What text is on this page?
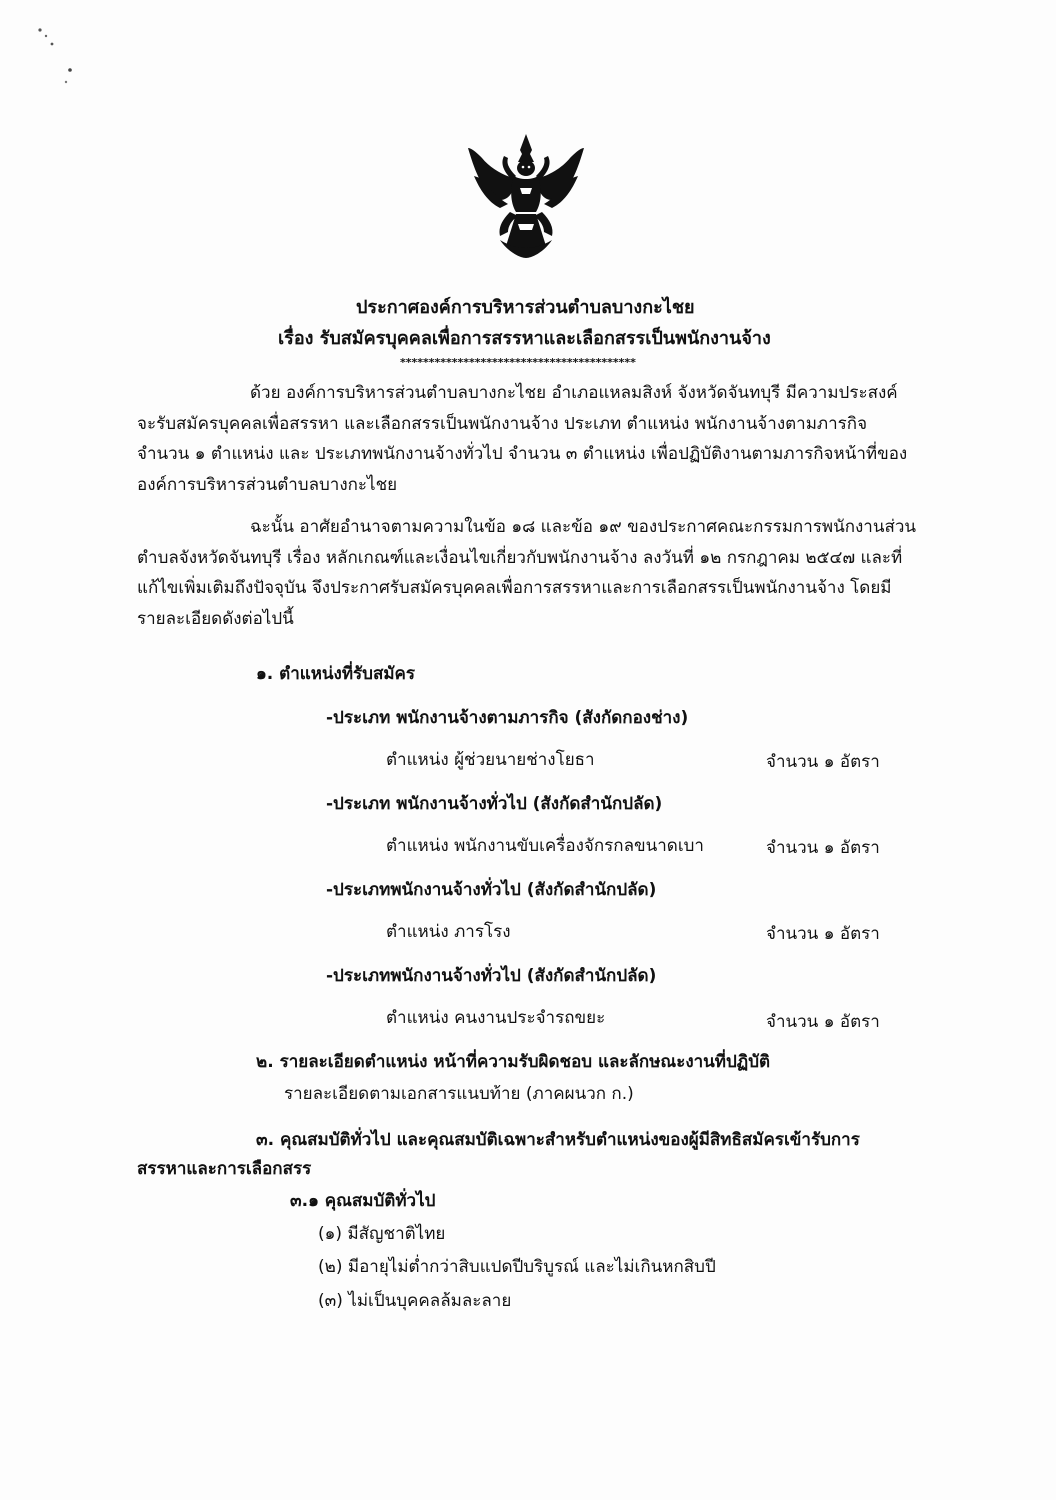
ประกาศองค์การบริหารส่วนตำบลบางกะไชย
เรื่อง รับสมัครบุคคลเพื่อการสรรหาและเลือกสรรเป็นพนักงานจ้าง
*****************************************
ด้วย องค์การบริหารส่วนตำบลบางกะไชย อำเภอแหลมสิงห์ จังหวัดจันทบุรี มีความประสงค์
จะรับสมัครบุคคลเพื่อสรรหา และเลือกสรรเป็นพนักงานจ้าง ประเภท ตำแหน่ง พนักงานจ้างตามภารกิจ
จำนวน ๑ ตำแหน่ง และ ประเภทพนักงานจ้างทั่วไป จำนวน ๓ ตำแหน่ง เพื่อปฏิบัติงานตามภารกิจหน้าที่ของ
องค์การบริหารส่วนตำบลบางกะไชย
ฉะนั้น อาศัยอำนาจตามความในข้อ ๑๘ และข้อ ๑๙ ของประกาศคณะกรรมการพนักงานส่วน
ตำบลจังหวัดจันทบุรี เรื่อง หลักเกณฑ์และเงื่อนไขเกี่ยวกับพนักงานจ้าง ลงวันที่ ๑๒ กรกฎาคม ๒๕๔๗ และที่
แก้ไขเพิ่มเติมถึงปัจจุบัน จึงประกาศรับสมัครบุคคลเพื่อการสรรหาและการเลือกสรรเป็นพนักงานจ้าง โดยมี
รายละเอียดดังต่อไปนี้
๑. ตำแหน่งที่รับสมัคร
-ประเภท พนักงานจ้างตามภารกิจ (สังกัดกองช่าง)
ตำแหน่ง ผู้ช่วยนายช่างโยธา	จำนวน ๑ อัตรา
-ประเภท พนักงานจ้างทั่วไป (สังกัดสำนักปลัด)
ตำแหน่ง พนักงานขับเครื่องจักรกลขนาดเบา	จำนวน ๑ อัตรา
-ประเภทพนักงานจ้างทั่วไป (สังกัดสำนักปลัด)
ตำแหน่ง ภารโรง	จำนวน ๑ อัตรา
-ประเภทพนักงานจ้างทั่วไป (สังกัดสำนักปลัด)
ตำแหน่ง คนงานประจำรถขยะ	จำนวน ๑ อัตรา
๒. รายละเอียดตำแหน่ง หน้าที่ความรับผิดชอบ และลักษณะงานที่ปฏิบัติ
รายละเอียดตามเอกสารแนบท้าย (ภาคผนวก ก.)
๓. คุณสมบัติทั่วไป และคุณสมบัติเฉพาะสำหรับตำแหน่งของผู้มีสิทธิสมัครเข้ารับการ
สรรหาและการเลือกสรร
๓.๑ คุณสมบัติทั่วไป
(๑) มีสัญชาติไทย
(๒) มีอายุไม่ต่ำกว่าสิบแปดปีบริบูรณ์ และไม่เกินหกสิบปี
(๓) ไม่เป็นบุคคลล้มละลาย
